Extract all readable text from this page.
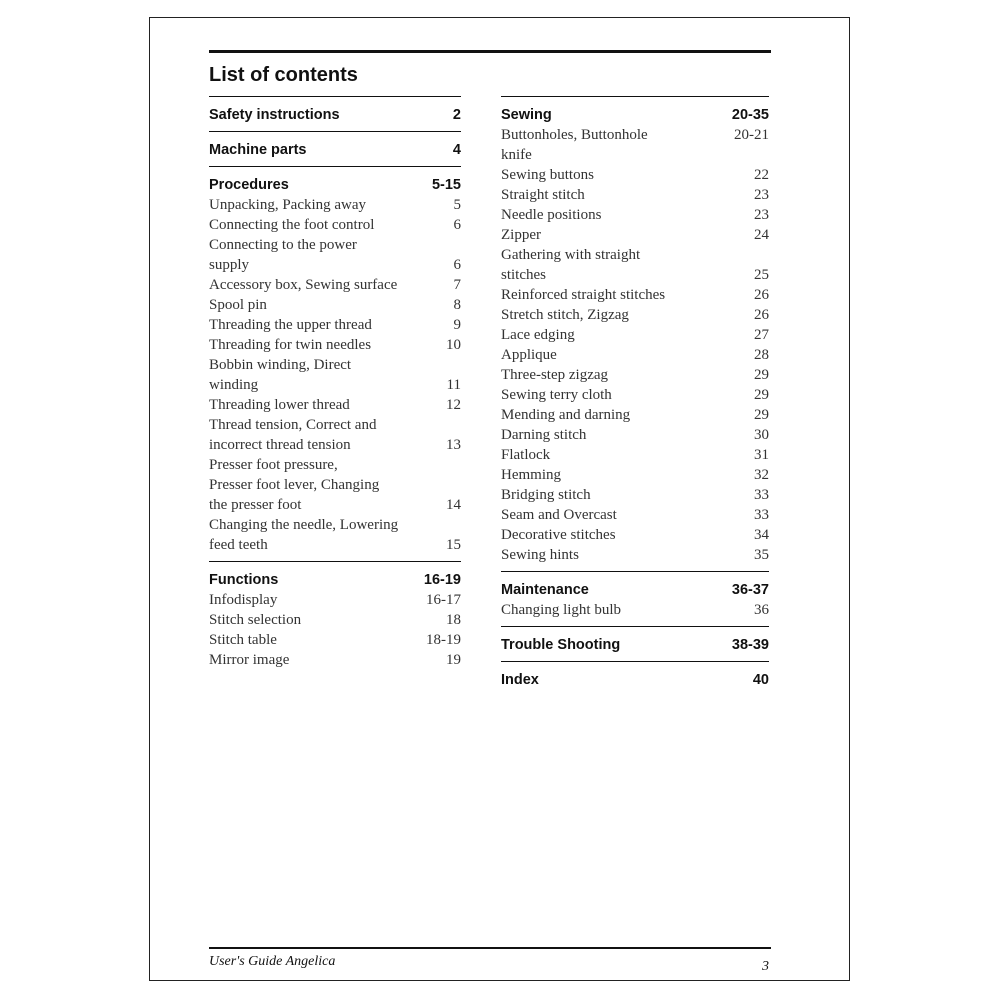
List of contents
Safety instructions	2
Machine parts	4
Procedures	5-15
Unpacking, Packing away	5
Connecting the foot control	6
Connecting to the power
supply	6
Accessory box, Sewing surface	7
Spool pin	8
Threading the upper thread	9
Threading for twin needles	10
Bobbin winding, Direct
winding	11
Threading lower thread	12
Thread tension, Correct and
incorrect thread tension	13
Presser foot pressure,
Presser foot lever, Changing
the presser foot	14
Changing the needle, Lowering
feed teeth	15
Functions	16-19
Infodisplay	16-17
Stitch selection	18
Stitch table	18-19
Mirror image	19
Sewing	20-35
Buttonholes, Buttonhole
knife
20-21
Sewing buttons	22
Straight stitch	23
Needle positions	23
Zipper	24
Gathering with straight
stitches	25
Reinforced straight stitches	26
Stretch stitch, Zigzag	26
Lace edging	27
Applique	28
Three-step zigzag	29
Sewing terry cloth	29
Mending and darning	29
Darning stitch	30
Flatlock	31
Hemming	32
Bridging stitch	33
Seam and Overcast	33
Decorative stitches	34
Sewing hints	35
Maintenance	36-37
Changing light bulb	36
Trouble Shooting	38-39
Index	40
User's Guide Angelica	3
